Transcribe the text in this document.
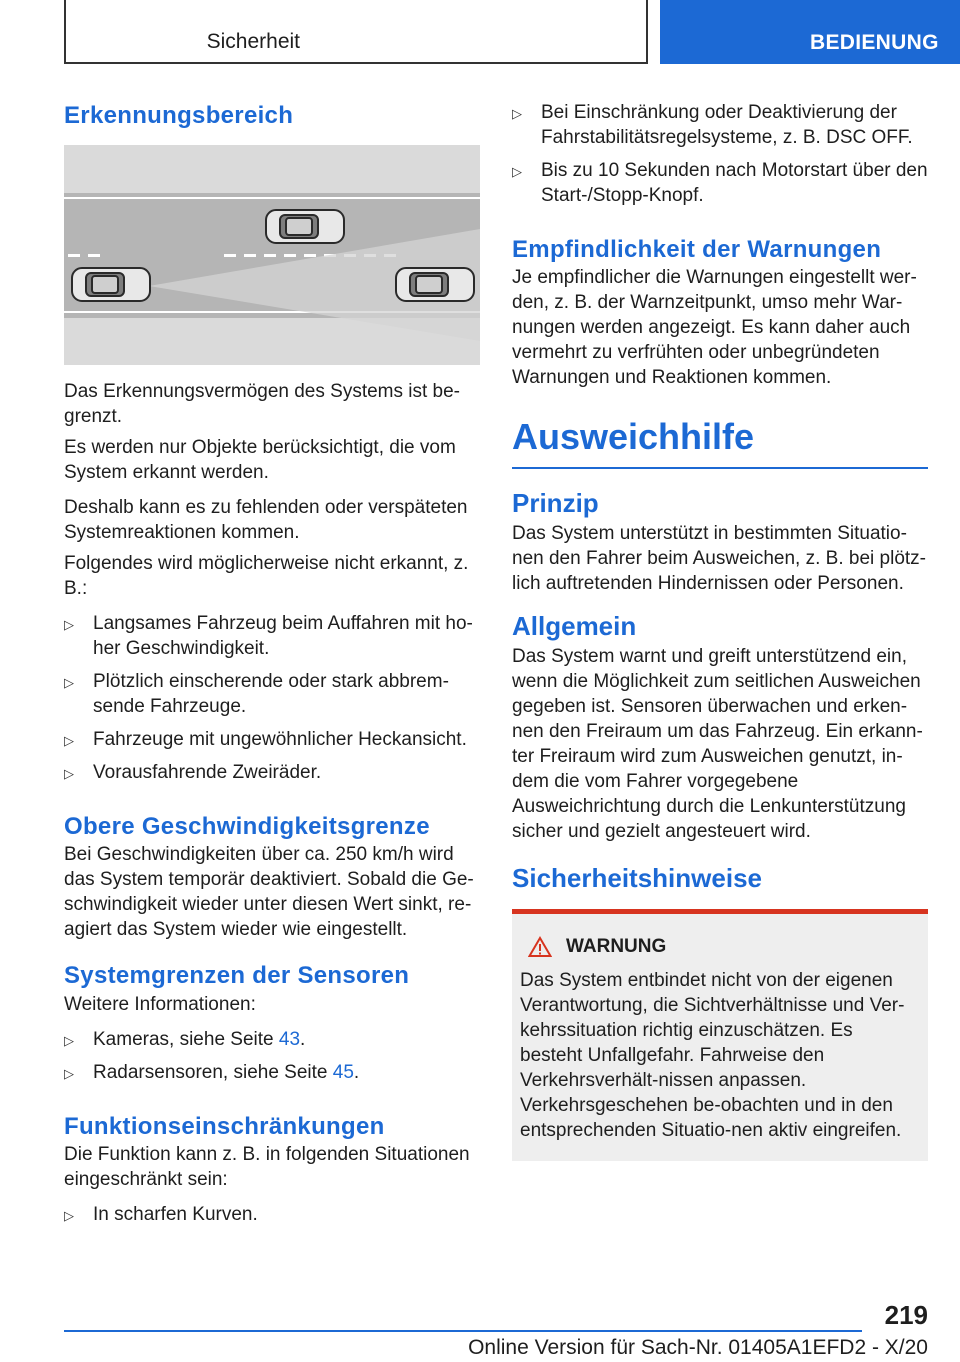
Sicherheit	BEDIENUNG
Erkennungsbereich

Das Erkennungsvermögen des Systems ist be-grenzt.

Es werden nur Objekte berücksichtigt, die vom System erkannt werden.

Deshalb kann es zu fehlenden oder verspäteten Systemreaktionen kommen.

Folgendes wird möglicherweise nicht erkannt, z. B.:

▷ Langsames Fahrzeug beim Auffahren mit ho-her Geschwindigkeit.
▷ Plötzlich einscherende oder stark abbrem-sende Fahrzeuge.
▷ Fahrzeuge mit ungewöhnlicher Heckansicht.
▷ Vorausfahrende Zweiräder.
Obere Geschwindigkeitsgrenze

Bei Geschwindigkeiten über ca. 250 km/h wird das System temporär deaktiviert. Sobald die Ge-schwindigkeit wieder unter diesen Wert sinkt, re-agiert das System wieder wie eingestellt.

Systemgrenzen der Sensoren

Weitere Informationen:

▷ Kameras, siehe Seite 43.
▷ Radarsensoren, siehe Seite 45.
Funktionseinschränkungen

Die Funktion kann z. B. in folgenden Situationen eingeschränkt sein:

▷ In scharfen Kurven.
▷ Bei Einschränkung oder Deaktivierung der Fahrstabilitätsregelsysteme, z. B. DSC OFF.
▷ Bis zu 10 Sekunden nach Motorstart über den Start-/Stopp-Knopf.
Empfindlichkeit der Warnungen

Je empfindlicher die Warnungen eingestellt wer-den, z. B. der Warnzeitpunkt, umso mehr War-nungen werden angezeigt. Es kann daher auch vermehrt zu verfrühten oder unbegründeten Warnungen und Reaktionen kommen.

Ausweichhilfe
Prinzip

Das System unterstützt in bestimmten Situatio-nen den Fahrer beim Ausweichen, z. B. bei plötz-lich auftretenden Hindernissen oder Personen.

Allgemein

Das System warnt und greift unterstützend ein, wenn die Möglichkeit zum seitlichen Ausweichen gegeben ist. Sensoren überwachen und erken-nen den Freiraum um das Fahrzeug. Ein erkann-ter Freiraum wird zum Ausweichen genutzt, in-dem die vom Fahrer vorgegebene Ausweichrichtung durch die Lenkunterstützung sicher und gezielt angesteuert wird.

Sicherheitshinweise
WARNUNG

Das System entbindet nicht von der eigenen Verantwortung, die Sichtverhältnisse und Ver-kehrssituation richtig einzuschätzen. Es besteht Unfallgefahr. Fahrweise den Verkehrsverhält-nissen anpassen. Verkehrsgeschehen be-obachten und in den entsprechenden Situatio-nen aktiv eingreifen.

219
Online Version für Sach-Nr. 01405A1EFD2 - X/20
